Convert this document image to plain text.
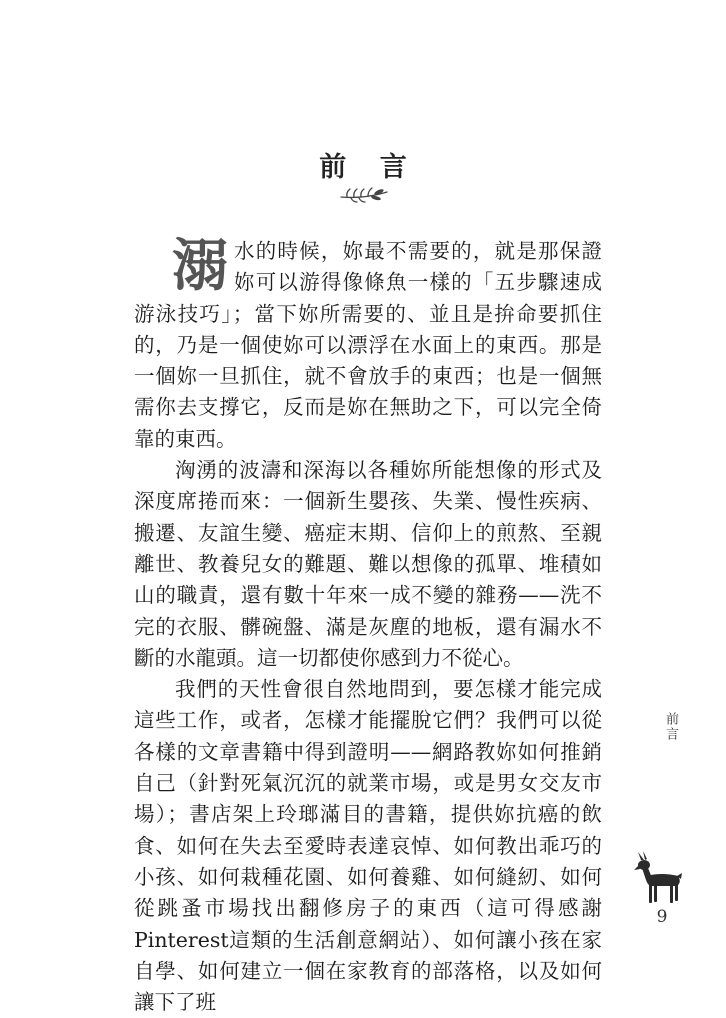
前 言

溺水的時候，妳最不需要的，就是那保證妳可以游得像條魚一樣的「五步驟速成游泳技巧」；當下妳所需要的、並且是拚命要抓住的，乃是一個使妳可以漂浮在水面上的東西。那是一個妳一旦抓住，就不會放手的東西；也是一個無需你去支撐它，反而是妳在無助之下，可以完全倚靠的東西。

洶湧的波濤和深海以各種妳所能想像的形式及深度席捲而來：一個新生嬰孩、失業、慢性疾病、搬遷、友誼生變、癌症末期、信仰上的煎熬、至親離世、教養兒女的難題、難以想像的孤單、堆積如山的職責，還有數十年來一成不變的雜務——洗不完的衣服、髒碗盤、滿是灰塵的地板，還有漏水不斷的水龍頭。這一切都使你感到力不從心。

我們的天性會很自然地問到，要怎樣才能完成這些工作，或者，怎樣才能擺脫它們？我們可以從各樣的文章書籍中得到證明——網路教妳如何推銷自己（針對死氣沉沉的就業市場，或是男女交友市場）；書店架上玲瑯滿目的書籍，提供妳抗癌的飲食、如何在失去至愛時表達哀悼、如何教出乖巧的小孩、如何栽種花園、如何養雞、如何縫紉、如何從跳蚤市場找出翻修房子的東西（這可得感謝Pinterest這類的生活創意網站）、如何讓小孩在家自學、如何建立一個在家教育的部落格，以及如何讓下了班

前言
9
